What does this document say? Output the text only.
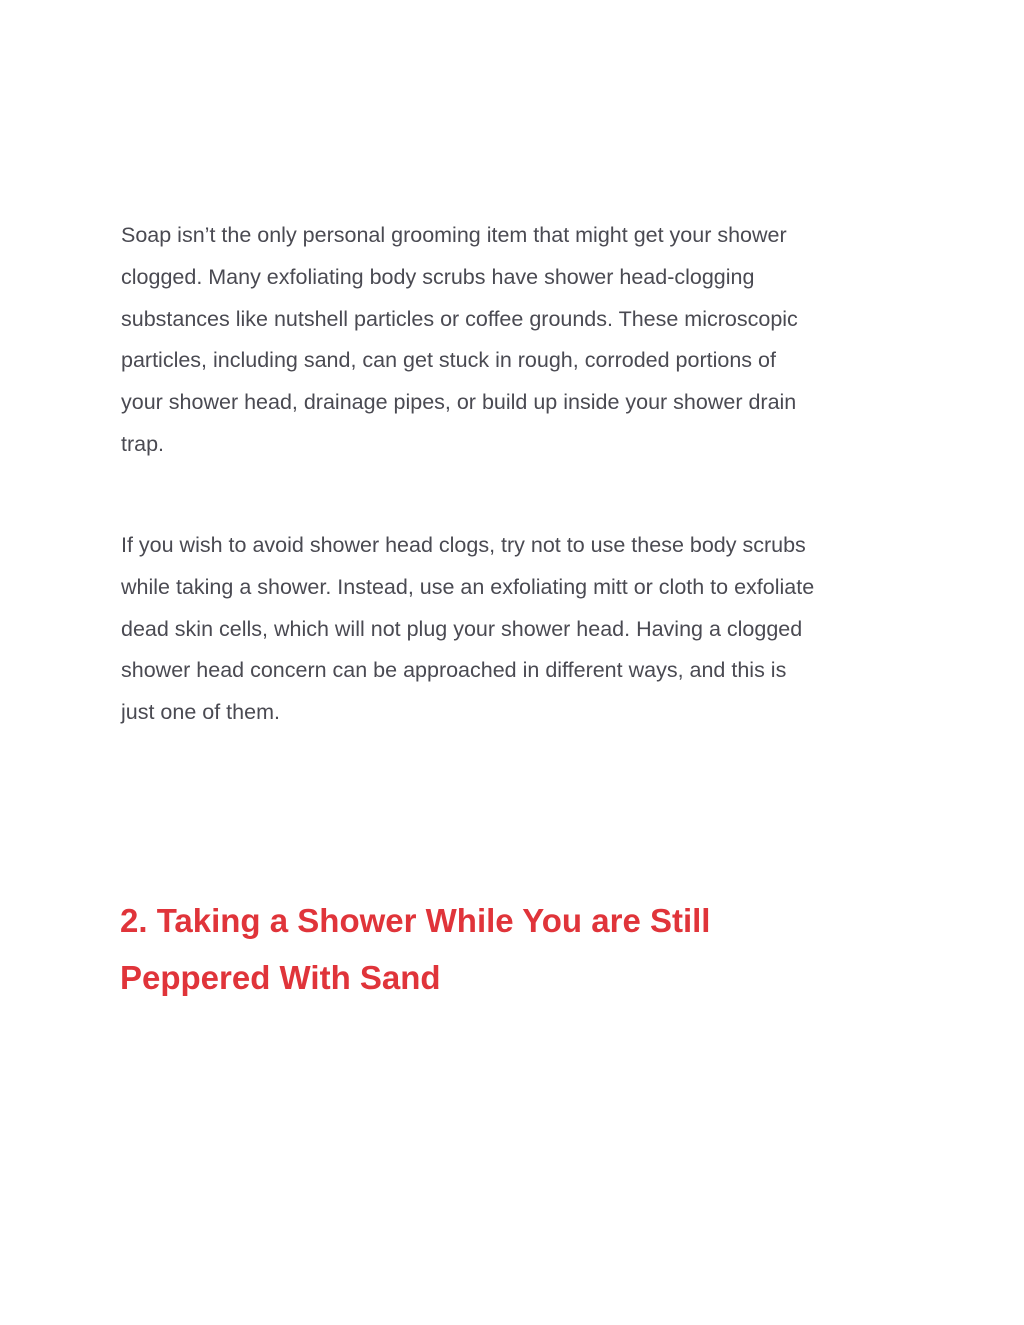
Soap isn’t the only personal grooming item that might get your shower
clogged. Many exfoliating body scrubs have shower head-clogging
substances like nutshell particles or coffee grounds. These microscopic
particles, including sand, can get stuck in rough, corroded portions of
your shower head, drainage pipes, or build up inside your shower drain
trap.

If you wish to avoid shower head clogs, try not to use these body scrubs
while taking a shower. Instead, use an exfoliating mitt or cloth to exfoliate
dead skin cells, which will not plug your shower head. Having a clogged
shower head concern can be approached in different ways, and this is
just one of them.

2. Taking a Shower While You are Still
Peppered With Sand
